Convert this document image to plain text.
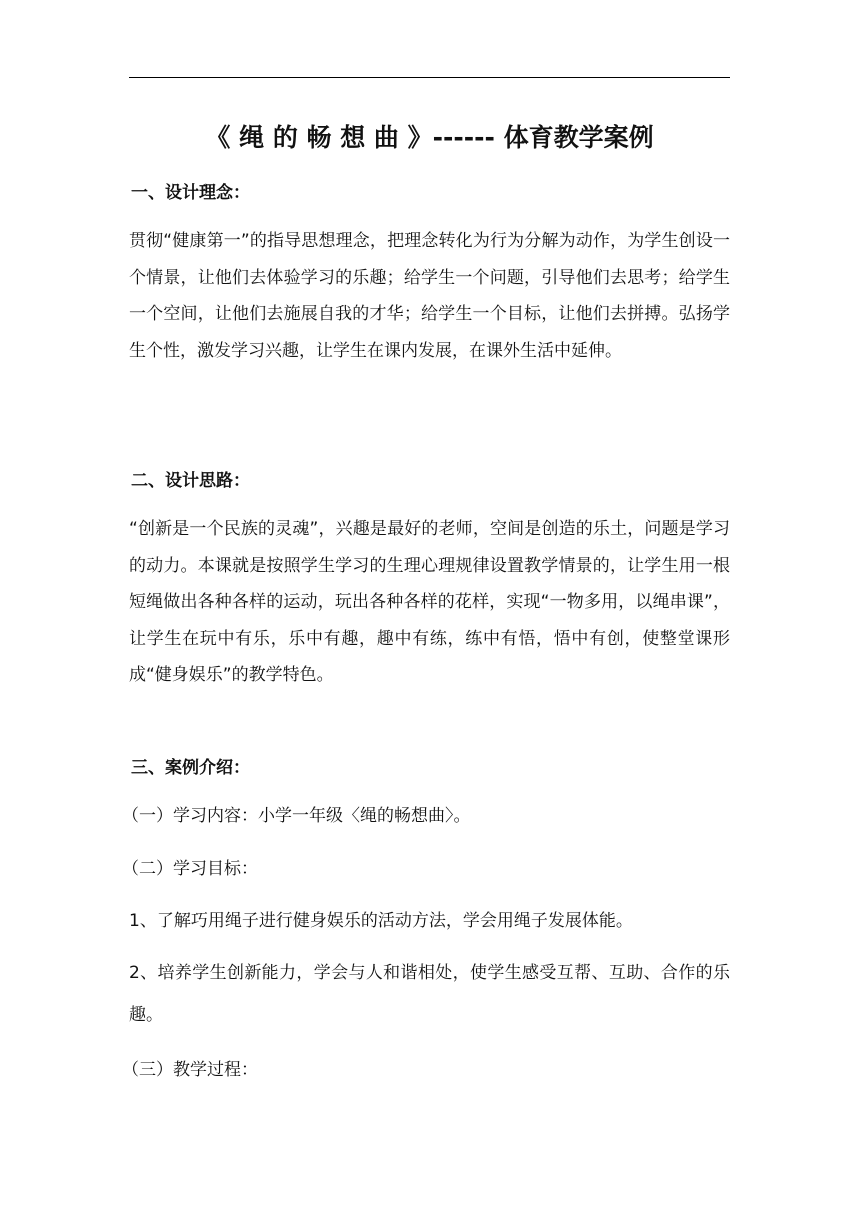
《 绳 的 畅 想 曲 》------ 体育教学案例
一、设计理念：
贯彻“健康第一”的指导思想理念，把理念转化为行为分解为动作，为学生创设一个情景，让他们去体验学习的乐趣；给学生一个问题，引导他们去思考；给学生一个空间，让他们去施展自我的才华；给学生一个目标，让他们去拼搏。弘扬学生个性，激发学习兴趣，让学生在课内发展，在课外生活中延伸。
二、设计思路：
“创新是一个民族的灵魂”，兴趣是最好的老师，空间是创造的乐土，问题是学习的动力。本课就是按照学生学习的生理心理规律设置教学情景的，让学生用一根短绳做出各种各样的运动，玩出各种各样的花样，实现“一物多用，以绳串课”，让学生在玩中有乐，乐中有趣，趣中有练，练中有悟，悟中有创，使整堂课形成“健身娱乐”的教学特色。
三、案例介绍：
（一）学习内容：小学一年级〈绳的畅想曲〉。
（二）学习目标：
1、了解巧用绳子进行健身娱乐的活动方法，学会用绳子发展体能。
2、培养学生创新能力，学会与人和谐相处，使学生感受互帮、互助、合作的乐趣。
（三）教学过程：
